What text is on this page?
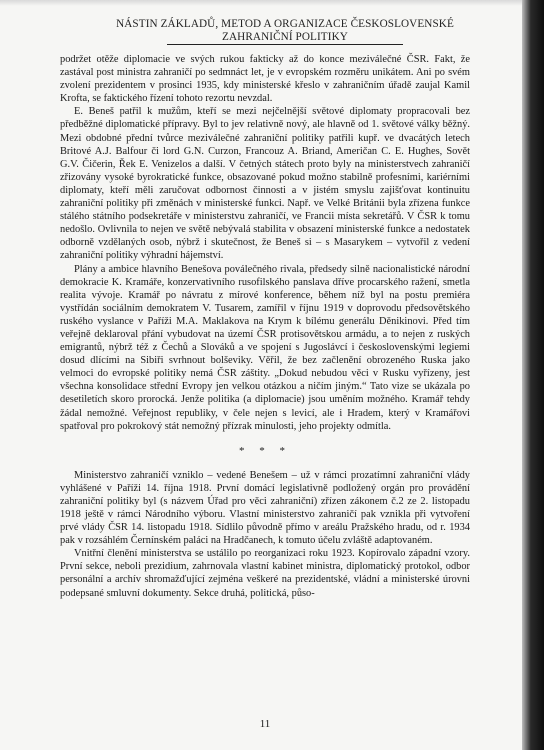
NÁSTIN ZÁKLADŮ, METOD A ORGANIZACE ČESKOSLOVENSKÉ
ZAHRANIČNÍ POLITIKY

podržet otěže diplomacie ve svých rukou fakticky až do konce meziválečné ČSR. Fakt, že zastával post ministra zahraničí po sedmnáct let, je v evropském rozměru unikátem. Ani po svém zvolení prezidentem v prosinci 1935, kdy ministerské křeslo v zahraničním úřadě zaujal Kamil Krofta, se faktického řízení tohoto rezortu nevzdal.

E. Beneš patřil k mužům, kteří se mezi nejčelnější světové diplomaty propracovali bez předběžné diplomatické přípravy. Byl to jev relativně nový, ale hlavně od 1. světové války běžný. Mezi obdobné přední tvůrce meziválečné zahraniční politiky patřili kupř. ve dvacátých letech Britové A.J. Balfour či lord G.N. Curzon, Francouz A. Briand, Američan C. E. Hughes, Sovět G.V. Čičerin, Řek E. Venizelos a další. V četných státech proto byly na ministerstvech zahraničí zřizovány vysoké byrokratické funkce, obsazované pokud možno stabilně profesními, kariérními diplomaty, kteří měli zaručovat odbornost činnosti a v jistém smyslu zajišťovat kontinuitu zahraniční politiky při změnách v ministerské funkci. Např. ve Velké Británii byla zřízena funkce stálého státního podsekretáře v ministerstvu zahraničí, ve Francii místa sekretářů. V ČSR k tomu nedošlo. Ovlivnila to nejen ve světě nebývalá stabilita v obsazení ministerské funkce a nedostatek odborně vzdělaných osob, nýbrž i skutečnost, že Beneš si – s Masarykem – vytvořil z vedení zahraniční politiky výhradní hájemství.

Plány a ambice hlavního Benešova poválečného rivala, předsedy silně nacionalistické národní demokracie K. Kramáře, konzervativního rusofilského panslava dříve procarského ražení, smetla realita vývoje. Kramář po návratu z mírové konference, během níž byl na postu premiéra vystřídán sociálním demokratem V. Tusarem, zamířil v říjnu 1919 v doprovodu předsovětského ruského vyslance v Paříži M.A. Maklakova na Krym k bílému generálu Děnikinovi. Před tím veřejně deklaroval přání vybudovat na území ČSR protisovětskou armádu, a to nejen z ruských emigrantů, nýbrž též z Čechů a Slováků a ve spojení s Jugoslávcí i československými legiemi dosud dlícími na Sibiři svrhnout bolševiky. Věřil, že bez začlenění obrozeného Ruska jako velmoci do evropské politiky nemá ČSR záštity. „Dokud nebudou věci v Rusku vyřízeny, jest všechna konsolidace střední Evropy jen velkou otázkou a ničím jiným.“ Tato vize se ukázala po desetiletích skoro prorocká. Jenže politika (a diplomacie) jsou uměním možného. Kramář tehdy žádal nemožné. Veřejnost republiky, v čele nejen s levicí, ale i Hradem, který v Kramářovi spatřoval pro pokrokový stát nemožný přízrak minulosti, jeho projekty odmítla.

* * *

Ministerstvo zahraničí vzniklo – vedené Benešem – už v rámci prozatímní zahraniční vlády vyhlášené v Paříži 14. října 1918. První domácí legislativně podložený orgán pro provádění zahraniční politiky byl (s názvem Úřad pro věci zahraniční) zřízen zákonem č.2 ze 2. listopadu 1918 ještě v rámci Národního výboru. Vlastní ministerstvo zahraničí pak vznikla při vytvoření prvé vlády ČSR 14. listopadu 1918. Sídlilo původně přímo v areálu Pražského hradu, od r. 1934 pak v rozsáhlém Černínském paláci na Hradčanech, k tomuto účelu zvláště adaptovaném.

Vnitřní členění ministerstva se ustálilo po reorganizaci roku 1923. Kopírovalo západní vzory. První sekce, neboli prezidium, zahrnovala vlastní kabinet ministra, diplomatický protokol, odbor personální a archív shromažďující zejména veškeré na prezidentské, vládní a ministerské úrovni podepsané smluvní dokumenty. Sekce druhá, politická, půso-

11
